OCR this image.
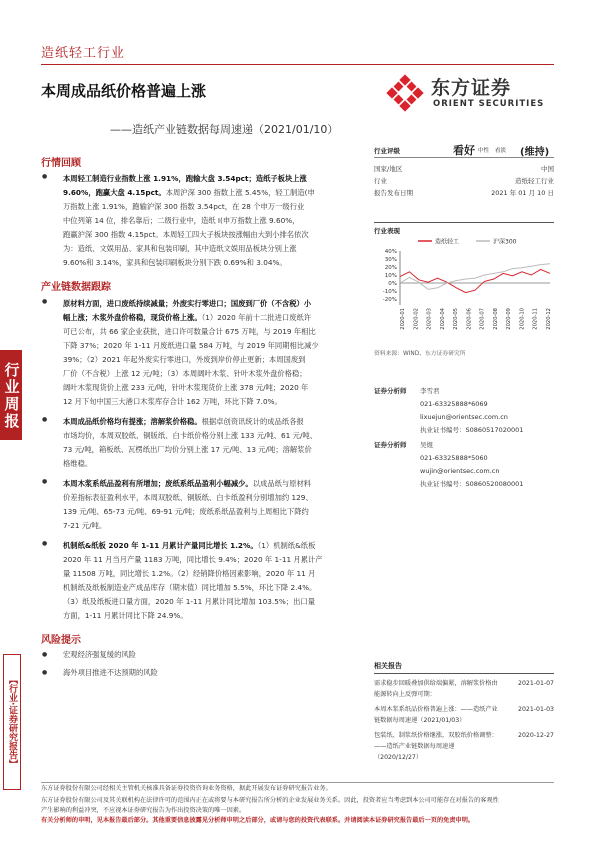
造纸轻工行业
本周成品纸价格普遍上涨
——造纸产业链数据每周速递（2021/01/10）
东方证券
ORIENT SECURITIES
行业周报
【行业·证券研究报告】
行情回顾
● 本周轻工制造行业指数上涨 1.91%，跑输大盘 3.54pct；造纸子板块上涨
9.60%，跑赢大盘 4.15pct。本周沪深 300 指数上涨 5.45%，轻工制造(申
万指数上涨 1.91%，跑输沪深 300 指数 3.54pct，在 28 个申万一级行业
中位列第 14 位，排名靠后；二级行业中，造纸 I(申万指数上涨 9.60%，
跑赢沪深 300 指数 4.15pct。本周轻工四大子板块按涨幅由大到小排名依次
为：造纸、文娱用品、家具和包装印刷，其中造纸文娱用品板块分别上涨
9.60%和 3.14%，家具和包装印刷板块分别下跌 0.69%和 3.04%。
产业链数据跟踪
● 原材料方面，进口废纸持续减量；外废实行零进口；国废到厂价（不含税）小
幅上涨；木浆外盘价格稳，现货价格上涨。（1）2020 年前十二批进口废纸许
可已公布，共 66 家企业获批，进口许可数量合计 675 万吨，与 2019 年相比
下降 37%；2020 年 1-11 月废纸进口量 584 万吨，与 2019 年同期相比减少
39%；（2）2021 年起外废实行零进口，外废到岸价停止更新；本周国废到
厂价（不含税）上涨 12 元/吨；（3）本周阔叶木浆、针叶木浆外盘价格稳；
阔叶木浆现货价上涨 233 元/吨，针叶木浆现货价上涨 378 元/吨；2020 年
12 月下旬中国三大港口木浆库存合计 162 万吨，环比下降 7.0%。
● 本周成品纸价格均有提涨；溶解浆价格稳。根据卓创资讯统计的成品纸各报
市场均价，本周双胶纸、铜版纸、白卡纸价格分别上涨 133 元/吨、61 元/吨、
73 元/吨，箱板纸、瓦楞纸出厂均价分别上涨 17 元/吨、13 元/吨；溶解浆价
格维稳。
● 本周木浆系纸品盈利有所增加；废纸系纸品盈利小幅减少。以成品纸与原材料
价差指标表征盈利水平，本周双胶纸、铜版纸、白卡纸盈利分别增加约 129、
139 元/吨、65-73 元/吨、69-91 元/吨；废纸系纸品盈利与上周相比下降约
7-21 元/吨。
● 机制纸&纸板 2020 年 1-11 月累计产量同比增长 1.2%。（1）机制纸&纸板
2020 年 11 月当月产量 1183 万吨，同比增长 9.4%；2020 年 1-11 月累计产
量 11508 万吨，同比增长 1.2%。（2）经销降价格因素影响，2020 年 11 月
机制纸及纸板制造业产成品库存（期末值）同比增加 5.5%，环比下降 2.4%。
（3）纸及纸板进口量方面，2020 年 1-11 月累计同比增加 103.5%；出口量
方面，1-11 月累计同比下降 24.9%。
风险提示
● 宏观经济强复缓的风险
● 海外项目推进不达预期的风险
行业评级	看好 中性 看淡 (维持)
国家/地区	中国
行业	造纸轻工行业
报告发布日期	2021 年 01 月 10 日
行业表现
造纸轻工	沪深300
40%
30%
20%
10%
0%
-10%
-20%
2020-01 2020-02 2020-03 2020-04 2020-05 2020-06 2020-07 2020-08 2020-09 2020-10 2020-11 2020-12
资料来源：WIND、东方证券研究所
证券分析师	李雪君
021-63325888*6069
lixuejun@orientsec.com.cn
执业证书编号：S0860517020001
证券分析师	吴煜
021-63325888*5060
wujin@orientsec.com.cn
执业证书编号：S0860520080001
相关报告
需求稳步回暖叠加供给端偏紧，溶解浆价格由能源转向上反弹可期：
2021-01-07
本周木浆系纸品价格普遍上涨：——造纸产业链数据每周速递（2021/01/03）
2021-01-03
包装纸、制浆纸价格继涨，双胶纸价格调整：——造纸产业链数据每周速递（2020/12/27）
2020-12-27
东方证券股份有限公司经相关主管机关核准具备证券投资咨询业务资格，据此开展发布证券研究报告业务。
东方证券股份有限公司及其关联机构在法律许可的范围内正在或将要与本研究报告所分析的企业发展业务关系。因此，投资者应当考虑到本公司可能存在对报告的客观性
产生影响的利益冲突，不应视本证券研究报告为作出投资决策的唯一因素。
有关分析师的申明，见本报告最后部分。其他重要信息披露见分析师申明之后部分，或请与您的投资代表联系。并请阅读本证券研究报告最后一页的免责申明。
